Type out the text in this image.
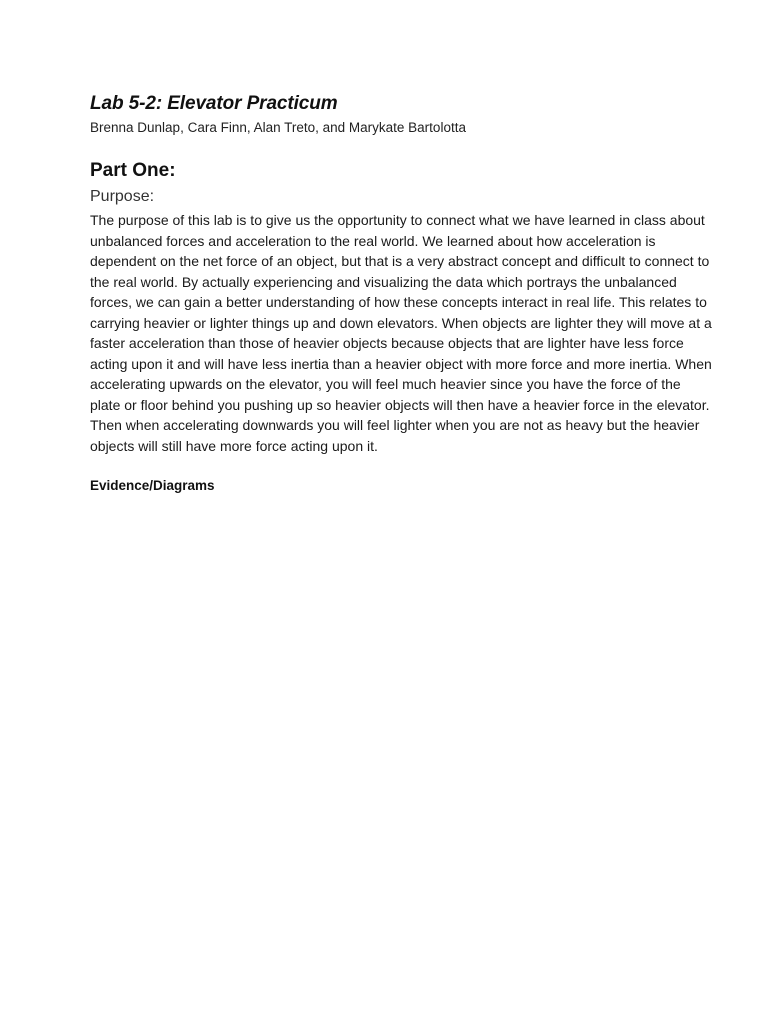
Lab 5-2: Elevator Practicum

Brenna Dunlap, Cara Finn, Alan Treto, and Marykate Bartolotta

Part One:

Purpose:

The purpose of this lab is to give us the opportunity to connect what we have learned in class about unbalanced forces and acceleration to the real world. We learned about how acceleration is dependent on the net force of an object, but that is a very abstract concept and difficult to connect to the real world. By actually experiencing and visualizing the data which portrays the unbalanced forces, we can gain a better understanding of how these concepts interact in real life. This relates to carrying heavier or lighter things up and down elevators. When objects are lighter they will move at a faster acceleration than those of heavier objects because objects that are lighter have less force acting upon it and will have less inertia than a heavier object with more force and more inertia. When accelerating upwards on the elevator, you will feel much heavier since you have the force of the plate or floor behind you pushing up so heavier objects will then have a heavier force in the elevator. Then when accelerating downwards you will feel lighter when you are not as heavy but the heavier objects will still have more force acting upon it.

Evidence/Diagrams
